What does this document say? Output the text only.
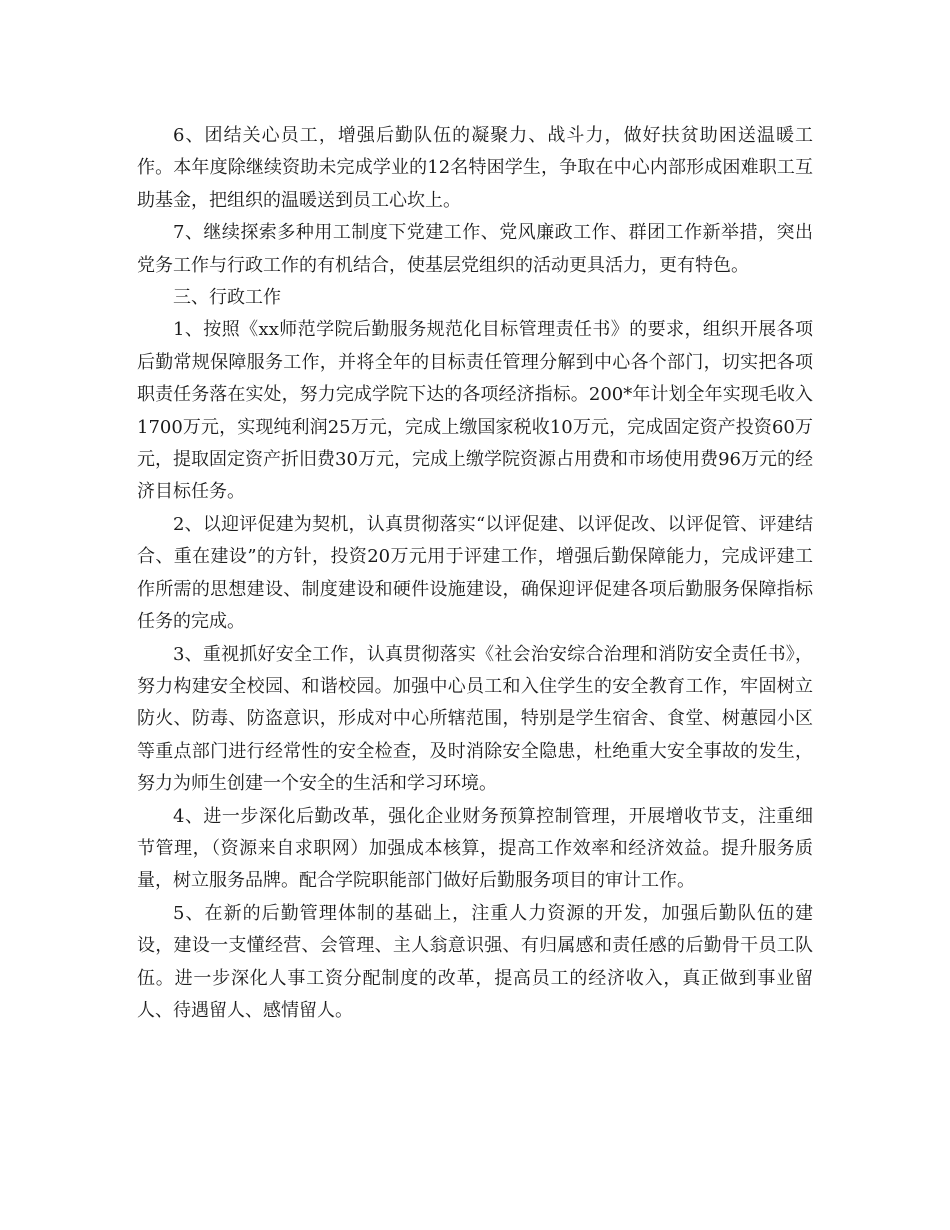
6、团结关心员工，增强后勤队伍的凝聚力、战斗力，做好扶贫助困送温暖工作。本年度除继续资助未完成学业的12名特困学生，争取在中心内部形成困难职工互助基金，把组织的温暖送到员工心坎上。

7、继续探索多种用工制度下党建工作、党风廉政工作、群团工作新举措，突出党务工作与行政工作的有机结合，使基层党组织的活动更具活力，更有特色。

三、行政工作

1、按照《xx师范学院后勤服务规范化目标管理责任书》的要求，组织开展各项后勤常规保障服务工作，并将全年的目标责任管理分解到中心各个部门，切实把各项职责任务落在实处，努力完成学院下达的各项经济指标。200*年计划全年实现毛收入1700万元，实现纯利润25万元，完成上缴国家税收10万元，完成固定资产投资60万元，提取固定资产折旧费30万元，完成上缴学院资源占用费和市场使用费96万元的经济目标任务。

2、以迎评促建为契机，认真贯彻落实“以评促建、以评促改、以评促管、评建结合、重在建设”的方针，投资20万元用于评建工作，增强后勤保障能力，完成评建工作所需的思想建设、制度建设和硬件设施建设，确保迎评促建各项后勤服务保障指标任务的完成。

3、重视抓好安全工作，认真贯彻落实《社会治安综合治理和消防安全责任书》，努力构建安全校园、和谐校园。加强中心员工和入住学生的安全教育工作，牢固树立防火、防毒、防盗意识，形成对中心所辖范围，特别是学生宿舍、食堂、树蕙园小区等重点部门进行经常性的安全检查，及时消除安全隐患，杜绝重大安全事故的发生，努力为师生创建一个安全的生活和学习环境。

4、进一步深化后勤改革，强化企业财务预算控制管理，开展增收节支，注重细节管理，（资源来自求职网）加强成本核算，提高工作效率和经济效益。提升服务质量，树立服务品牌。配合学院职能部门做好后勤服务项目的审计工作。

5、在新的后勤管理体制的基础上，注重人力资源的开发，加强后勤队伍的建设，建设一支懂经营、会管理、主人翁意识强、有归属感和责任感的后勤骨干员工队伍。进一步深化人事工资分配制度的改革，提高员工的经济收入，真正做到事业留人、待遇留人、感情留人。
